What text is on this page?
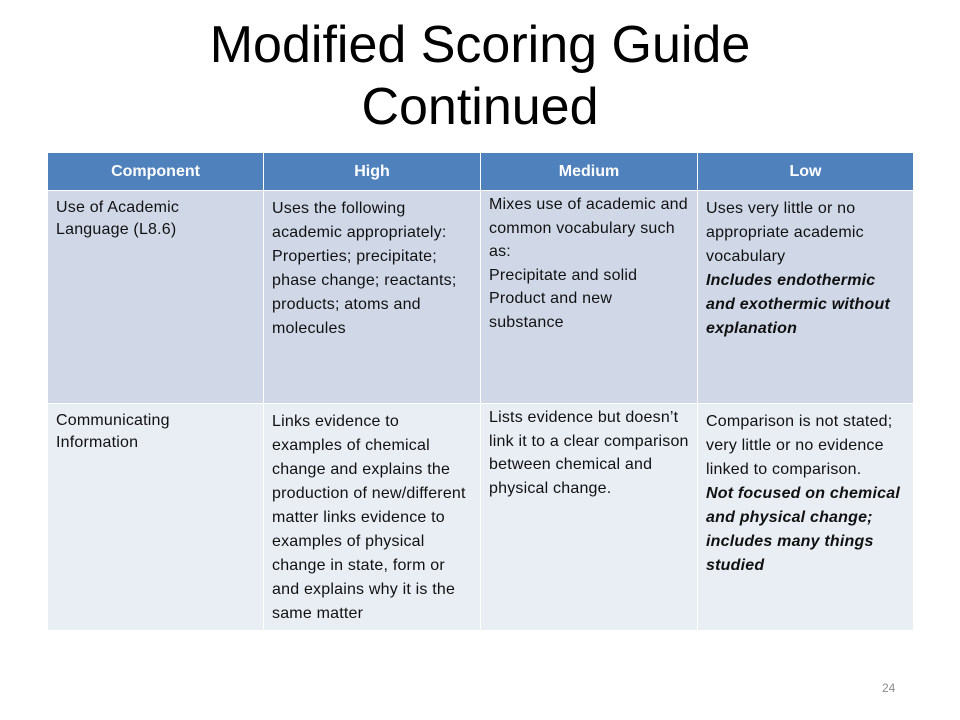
Modified Scoring Guide
Continued
Component	High	Medium	Low
Use of Academic Language (L8.6)	Uses the following academic appropriately: Properties; precipitate; phase change; reactants; products; atoms and molecules	Mixes use of academic and common vocabulary such as:
Precipitate and solid
Product and new substance	Uses very little or no appropriate academic vocabulary
Includes endothermic and exothermic without explanation

Communicating Information	Links evidence to examples of chemical change and explains the production of new/different matter links evidence to examples of physical change in state, form or and explains why it is the same matter	Lists evidence but doesn’t link it to a clear comparison between chemical and physical change.	Comparison is not stated; very little or no evidence linked to comparison.
Not focused on chemical and physical change; includes many things studied
24
